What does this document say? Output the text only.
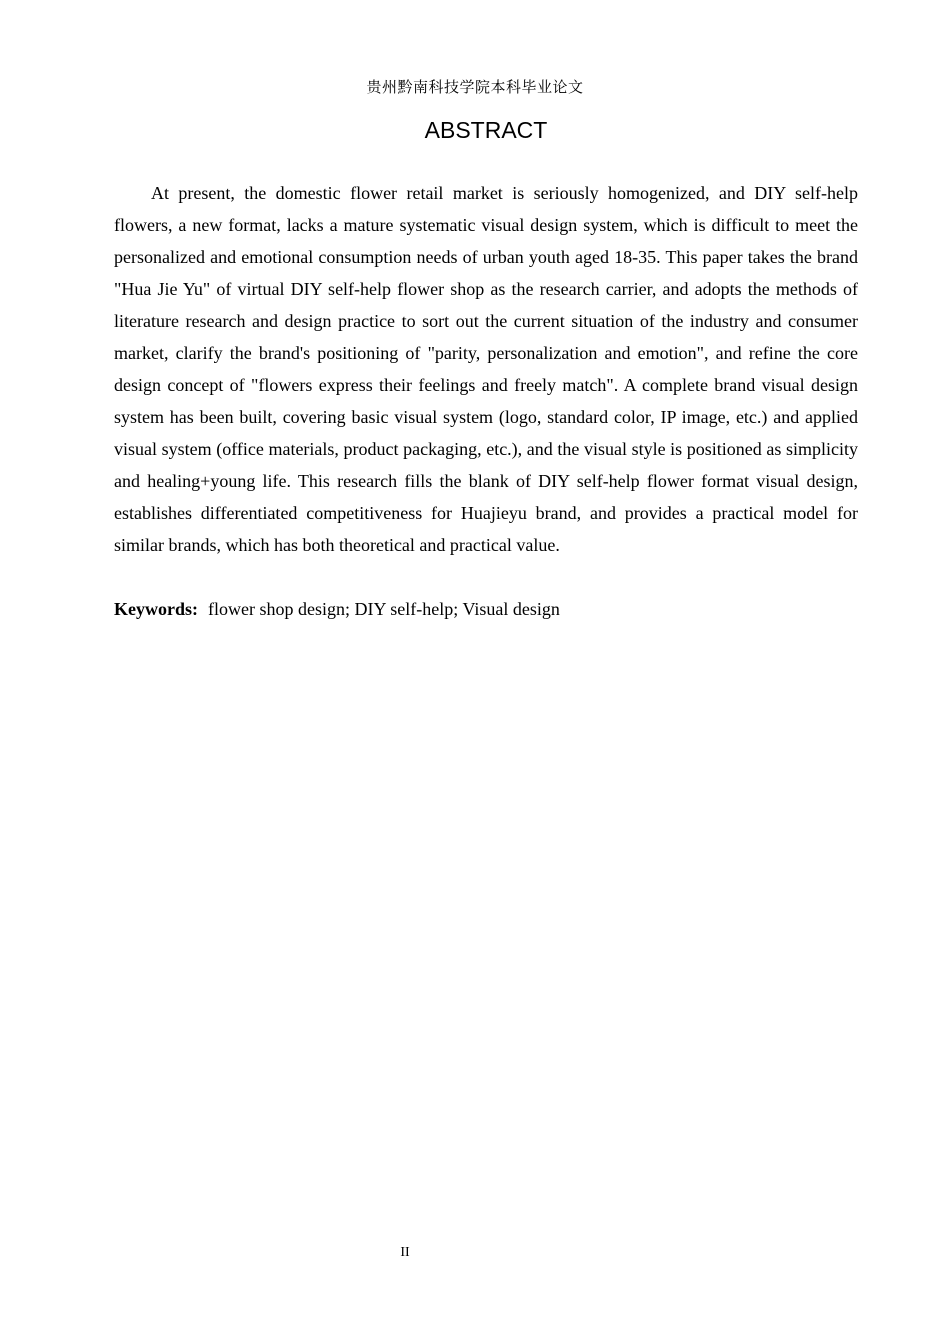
贵州黔南科技学院本科毕业论文
ABSTRACT

At present, the domestic flower retail market is seriously homogenized, and DIY self-help flowers, a new format, lacks a mature systematic visual design system, which is difficult to meet the personalized and emotional consumption needs of urban youth aged 18-35. This paper takes the brand "Hua Jie Yu" of virtual DIY self-help flower shop as the research carrier, and adopts the methods of literature research and design practice to sort out the current situation of the industry and consumer market, clarify the brand's positioning of "parity, personalization and emotion", and refine the core design concept of "flowers express their feelings and freely match". A complete brand visual design system has been built, covering basic visual system (logo, standard color, IP image, etc.) and applied visual system (office materials, product packaging, etc.), and the visual style is positioned as simplicity and healing+young life. This research fills the blank of DIY self-help flower format visual design, establishes differentiated competitiveness for Huajieyu brand, and provides a practical model for similar brands, which has both theoretical and practical value.

Keywords: flower shop design; DIY self-help; Visual design

II
